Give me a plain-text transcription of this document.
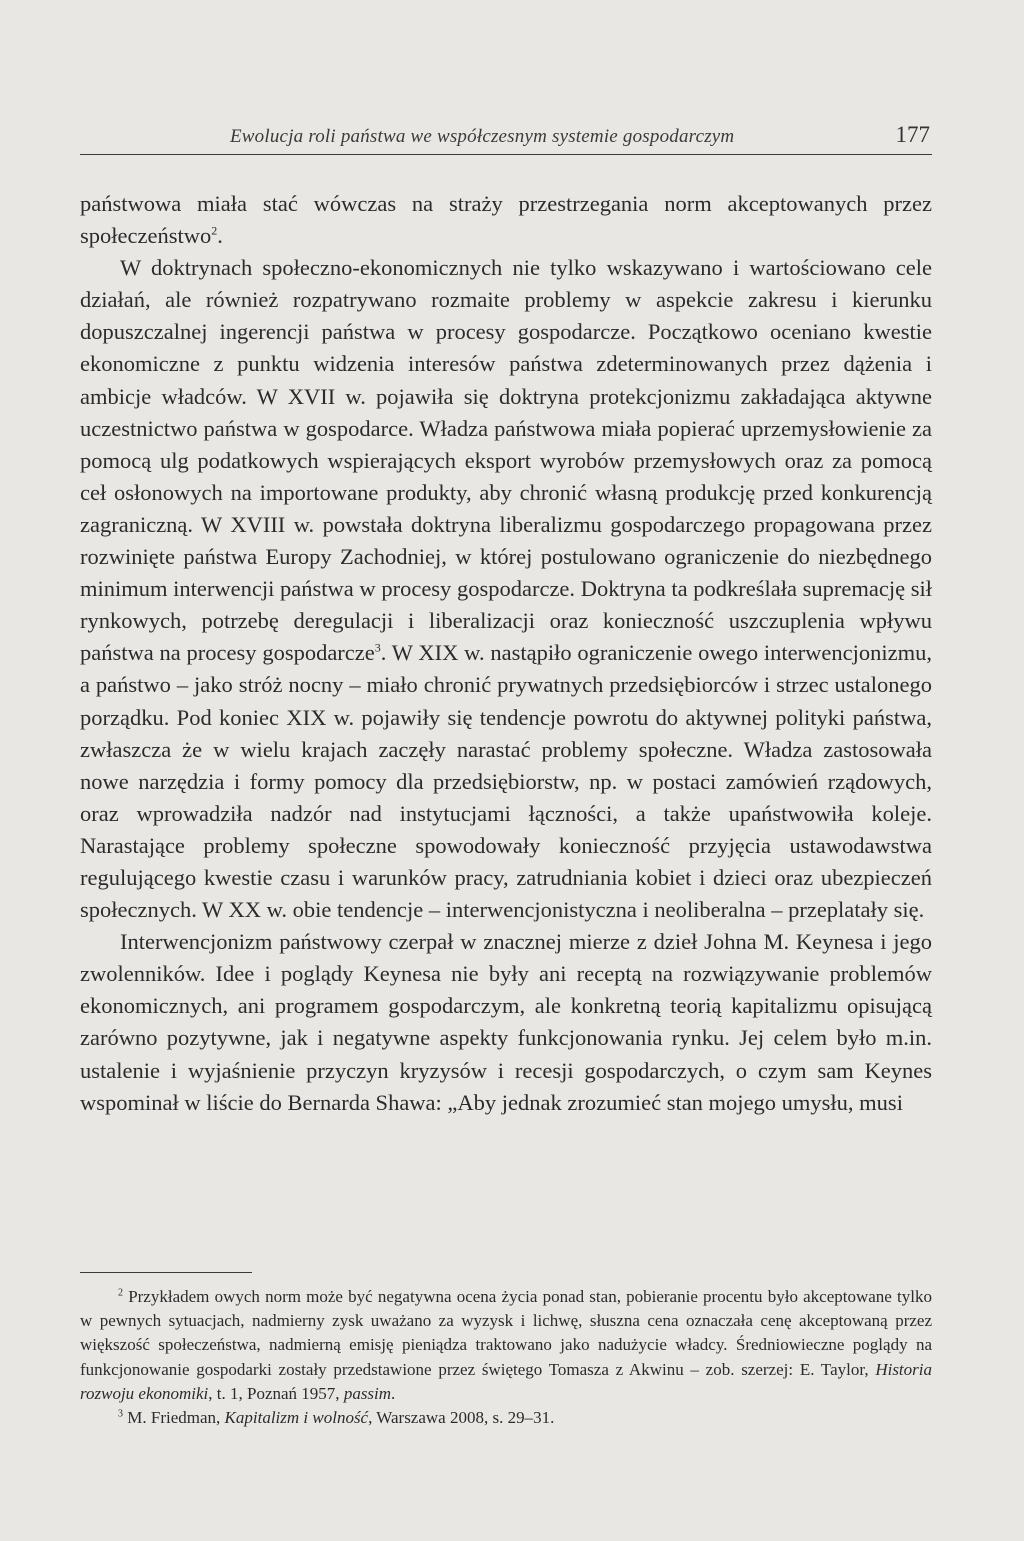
Ewolucja roli państwa we współczesnym systemie gospodarczym	177

państwowa miała stać wówczas na straży przestrzegania norm akceptowanych przez społeczeństwo$^2$.

W doktrynach społeczno-ekonomicznych nie tylko wskazywano i wartościowano cele działań, ale również rozpatrywano rozmaite problemy w aspekcie zakresu i kierunku dopuszczalnej ingerencji państwa w procesy gospodarcze. Początkowo oceniano kwestie ekonomiczne z punktu widzenia interesów państwa zdeterminowanych przez dążenia i ambicje władców. W XVII w. pojawiła się doktryna protekcjonizmu zakładająca aktywne uczestnictwo państwa w gospodarce. Władza państwowa miała popierać uprzemysłowienie za pomocą ulg podatkowych wspierających eksport wyrobów przemysłowych oraz za pomocą ceł osłonowych na importowane produkty, aby chronić własną produkcję przed konkurencją zagraniczną. W XVIII w. powstała doktryna liberalizmu gospodarczego propagowana przez rozwinięte państwa Europy Zachodniej, w której postulowano ograniczenie do niezbędnego minimum interwencji państwa w procesy gospodarcze. Doktryna ta podkreślała supremację sił rynkowych, potrzebę deregulacji i liberalizacji oraz konieczność uszczuplenia wpływu państwa na procesy gospodarcze$^3$. W XIX w. nastąpiło ograniczenie owego interwencjonizmu, a państwo – jako stróż nocny – miało chronić prywatnych przedsiębiorców i strzec ustalonego porządku. Pod koniec XIX w. pojawiły się tendencje powrotu do aktywnej polityki państwa, zwłaszcza że w wielu krajach zaczęły narastać problemy społeczne. Władza zastosowała nowe narzędzia i formy pomocy dla przedsiębiorstw, np. w postaci zamówień rządowych, oraz wprowadziła nadzór nad instytucjami łączności, a także upaństwowiła koleje. Narastające problemy społeczne spowodowały konieczność przyjęcia ustawodawstwa regulującego kwestie czasu i warunków pracy, zatrudniania kobiet i dzieci oraz ubezpieczeń społecznych. W XX w. obie tendencje – interwencjonistyczna i neoliberalna – przeplatały się.

Interwencjonizm państwowy czerpał w znacznej mierze z dzieł Johna M. Keynesa i jego zwolenników. Idee i poglądy Keynesa nie były ani receptą na rozwiązywanie problemów ekonomicznych, ani programem gospodarczym, ale konkretną teorią kapitalizmu opisującą zarówno pozytywne, jak i negatywne aspekty funkcjonowania rynku. Jej celem było m.in. ustalenie i wyjaśnienie przyczyn kryzysów i recesji gospodarczych, o czym sam Keynes wspominał w liście do Bernarda Shawa: „Aby jednak zrozumieć stan mojego umysłu, musi

$^2$ Przykładem owych norm może być negatywna ocena życia ponad stan, pobieranie procentu było akceptowane tylko w pewnych sytuacjach, nadmierny zysk uważano za wyzysk i lichwę, słuszna cena oznaczała cenę akceptowaną przez większość społeczeństwa, nadmierną emisję pieniądza traktowano jako nadużycie władcy. Średniowieczne poglądy na funkcjonowanie gospodarki zostały przedstawione przez świętego Tomasza z Akwinu – zob. szerzej: E. Taylor, Historia rozwoju ekonomiki, t. 1, Poznań 1957, passim.

$^3$ M. Friedman, Kapitalizm i wolność, Warszawa 2008, s. 29–31.
